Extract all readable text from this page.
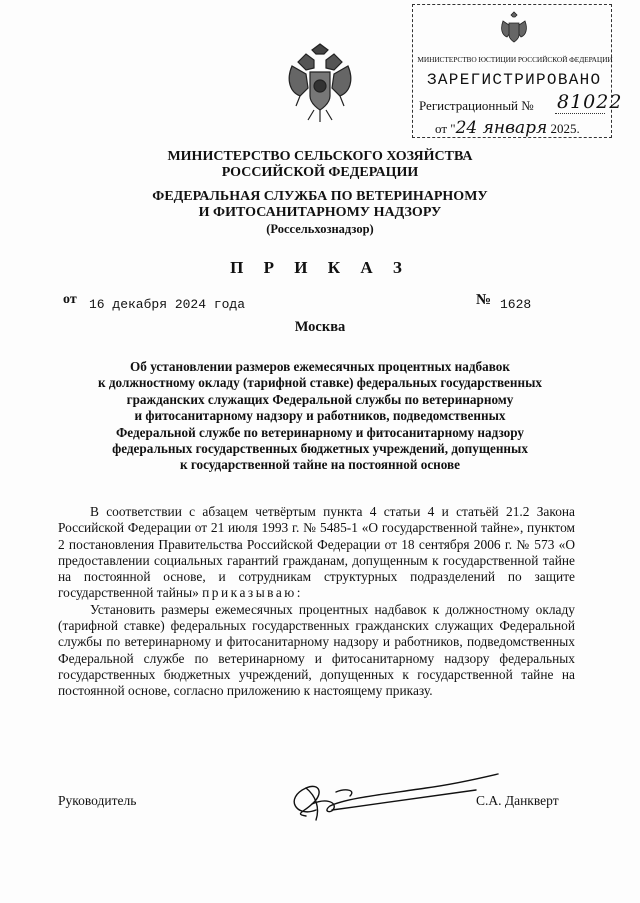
МИНИСТЕРСТВО ЮСТИЦИИ РОССИЙСКОЙ ФЕДЕРАЦИИ
ЗАРЕГИСТРИРОВАНО
Регистрационный № 81022
от "24 января 2025.
МИНИСТЕРСТВО СЕЛЬСКОГО ХОЗЯЙСТВА
РОССИЙСКОЙ ФЕДЕРАЦИИ
ФЕДЕРАЛЬНАЯ СЛУЖБА ПО ВЕТЕРИНАРНОМУ
И ФИТОСАНИТАРНОМУ НАДЗОРУ
(Россельхознадзор)
П Р И К А З
от 16 декабря 2024 года	№ 1628
Москва
Об установлении размеров ежемесячных процентных надбавок
к должностному окладу (тарифной ставке) федеральных государственных
гражданских служащих Федеральной службы по ветеринарному
и фитосанитарному надзору и работников, подведомственных
Федеральной службе по ветеринарному и фитосанитарному надзору
федеральных государственных бюджетных учреждений, допущенных
к государственной тайне на постоянной основе

В соответствии с абзацем четвёртым пункта 4 статьи 4 и статьёй 21.2 Закона Российской Федерации от 21 июля 1993 г. № 5485-1 «О государственной тайне», пунктом 2 постановления Правительства Российской Федерации от 18 сентября 2006 г. № 573 «О предоставлении социальных гарантий гражданам, допущенным к государственной тайне на постоянной основе, и сотрудникам структурных подразделений по защите государственной тайны» приказываю:

Установить размеры ежемесячных процентных надбавок к должностному окладу (тарифной ставке) федеральных государственных гражданских служащих Федеральной службы по ветеринарному и фитосанитарному надзору и работников, подведомственных Федеральной службе по ветеринарному и фитосанитарному надзору федеральных государственных бюджетных учреждений, допущенных к государственной тайне на постоянной основе, согласно приложению к настоящему приказу.

Руководитель	С.А. Данкверт
